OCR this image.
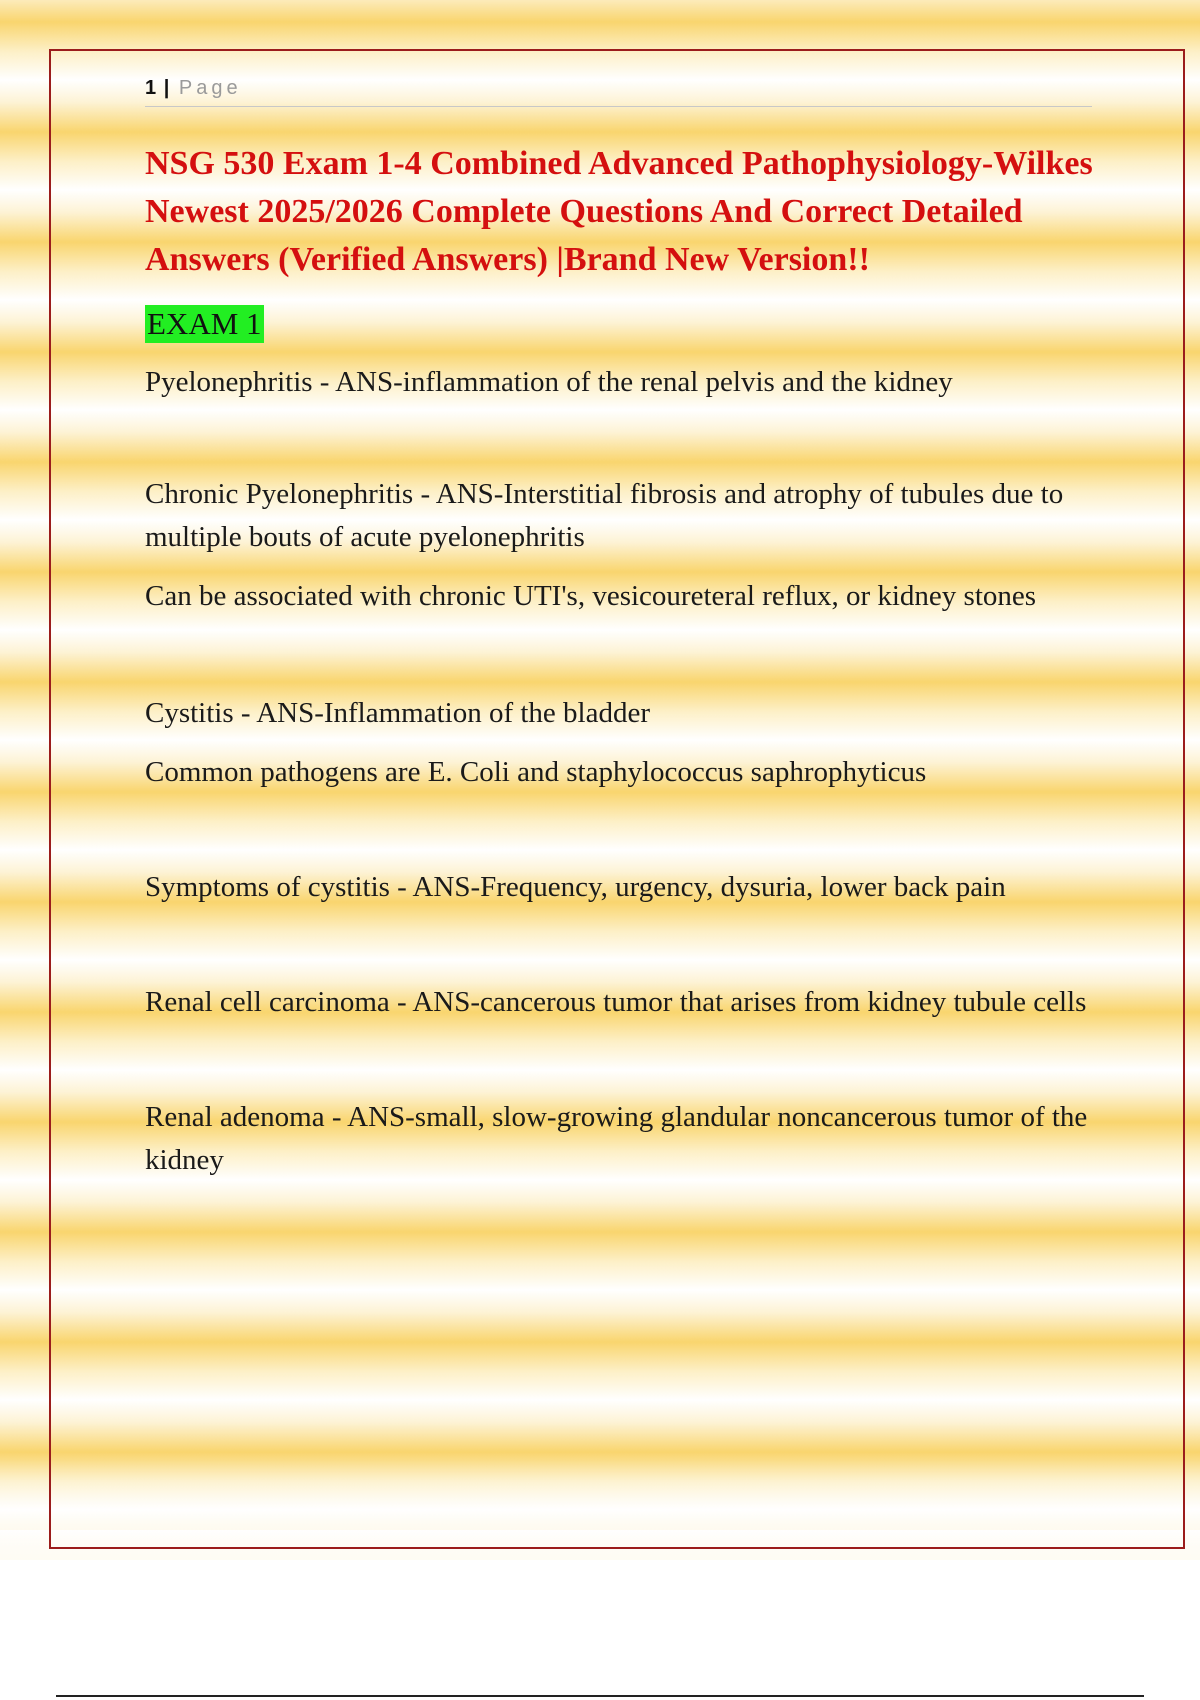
1 | Page
NSG 530 Exam 1-4 Combined Advanced Pathophysiology-Wilkes Newest 2025/2026 Complete Questions And Correct Detailed Answers (Verified Answers) |Brand New Version!!
EXAM 1

Pyelonephritis - ANS-inflammation of the renal pelvis and the kidney

Chronic Pyelonephritis - ANS-Interstitial fibrosis and atrophy of tubules due to multiple bouts of acute pyelonephritis

Can be associated with chronic UTI's, vesicoureteral reflux, or kidney stones

Cystitis - ANS-Inflammation of the bladder

Common pathogens are E. Coli and staphylococcus saphrophyticus

Symptoms of cystitis - ANS-Frequency, urgency, dysuria, lower back pain

Renal cell carcinoma - ANS-cancerous tumor that arises from kidney tubule cells

Renal adenoma - ANS-small, slow-growing glandular noncancerous tumor of the kidney
